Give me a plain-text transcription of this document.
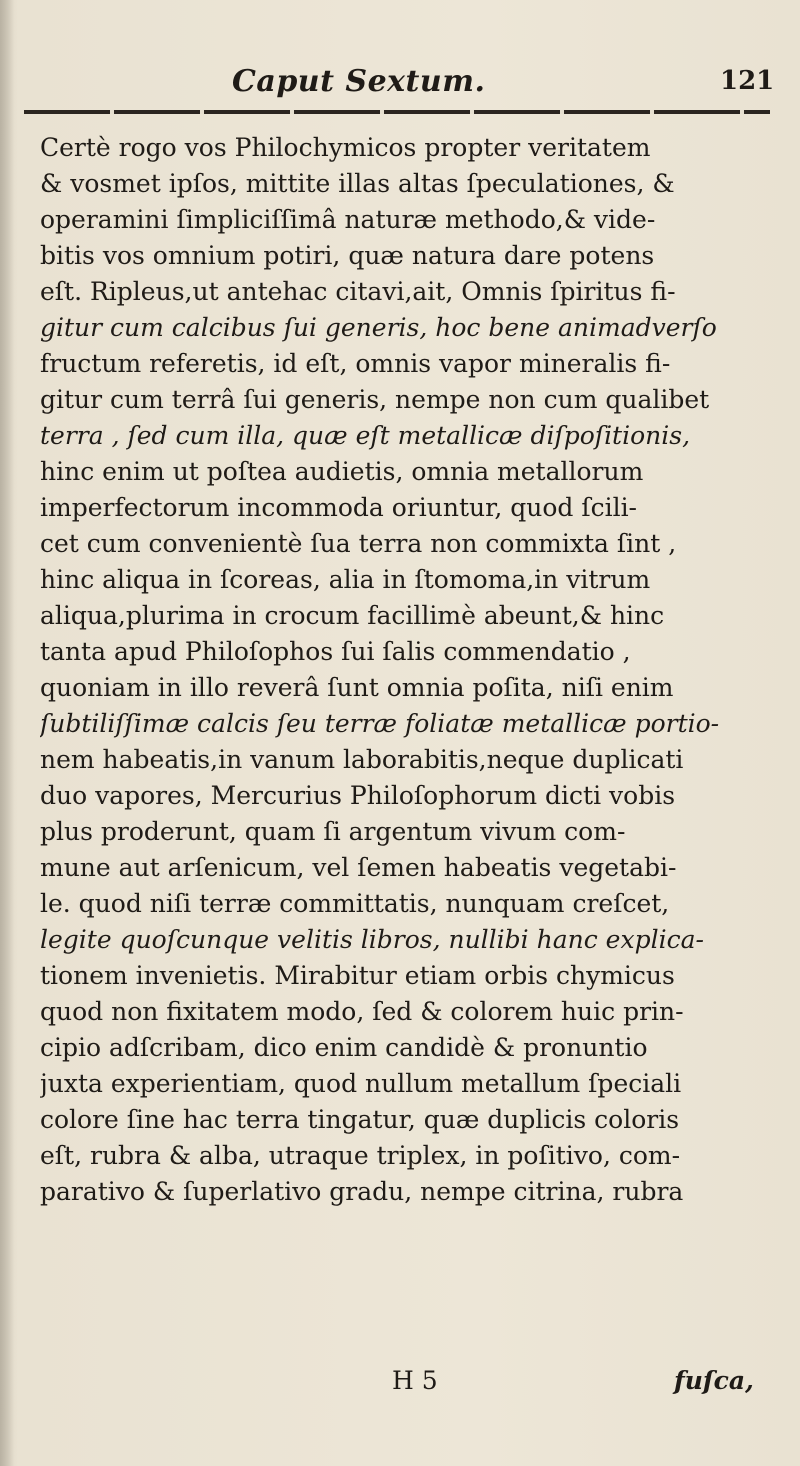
Caput Sextum.	121
Certè rogo vos Philochymicos propter veritatem
& vosmet ipſos, mittite illas altas ſpeculationes, &
operamini ſimpliciſſimâ naturæ methodo,& vide-
bitis vos omnium potiri, quæ natura dare potens
eſt. Ripleus,ut antehac citavi,ait, Omnis ſpiritus fi-
gitur cum calcibus ſui generis, hoc bene animadverſo
fructum referetis, id eſt, omnis vapor mineralis fi-
gitur cum terrâ ſui generis, nempe non cum qualibet
terra , ſed cum illa, quæ eſt metallicæ diſpoſitionis,
hinc enim ut poſtea audietis, omnia metallorum
imperfectorum incommoda oriuntur, quod ſcili-
cet cum convenientè ſua terra non commixta ſint ,
hinc aliqua in ſcoreas, alia in ſtomoma,in vitrum
aliqua,plurima in crocum facillimè abeunt,& hinc
tanta apud Philoſophos ſui ſalis commendatio ,
quoniam in illo reverâ ſunt omnia poſita, niſi enim
ſubtiliſſimæ calcis ſeu terræ foliatæ metallicæ portio-
nem habeatis,in vanum laborabitis,neque duplicati
duo vapores, Mercurius Philoſophorum dicti vobis
plus proderunt, quam ſi argentum vivum com-
mune aut arſenicum, vel ſemen habeatis vegetabi-
le. quod niſi terræ committatis, nunquam creſcet,
legite quoſcunque velitis libros, nullibi hanc explica-
tionem invenietis. Mirabitur etiam orbis chymicus
quod non fixitatem modo, ſed & colorem huic prin-
cipio adſcribam, dico enim candidè & pronuntio
juxta experientiam, quod nullum metallum ſpeciali
colore ſine hac terra tingatur, quæ duplicis coloris
eſt, rubra & alba, utraque triplex, in poſitivo, com-
parativo & ſuperlativo gradu, nempe citrina, rubra
H 5	fuſca,
